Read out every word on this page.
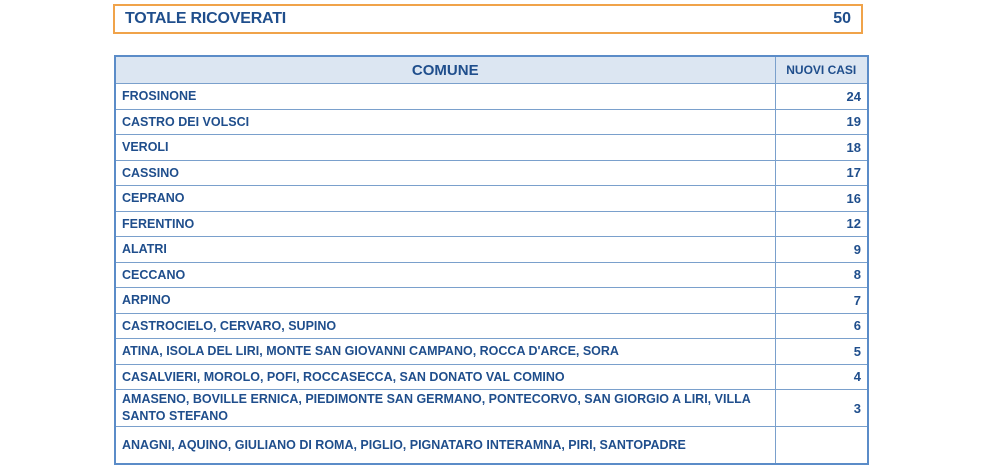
TOTALE RICOVERATI	50
COMUNE	NUOVI CASI
FROSINONE	24
CASTRO DEI VOLSCI	19
VEROLI	18
CASSINO	17
CEPRANO	16
FERENTINO	12
ALATRI	9
CECCANO	8
ARPINO	7
CASTROCIELO, CERVARO, SUPINO	6
ATINA, ISOLA DEL LIRI, MONTE SAN GIOVANNI CAMPANO, ROCCA D'ARCE, SORA	5
CASALVIERI, MOROLO, POFI, ROCCASECCA, SAN DONATO VAL COMINO	4
AMASENO, BOVILLE ERNICA, PIEDIMONTE SAN GERMANO, PONTECORVO, SAN GIORGIO A LIRI, VILLA SANTO STEFANO	3
ANAGNI, AQUINO, GIULIANO DI ROMA, PIGLIO, PIGNATARO INTERAMNA, PIRI, SANTOPADRE	
